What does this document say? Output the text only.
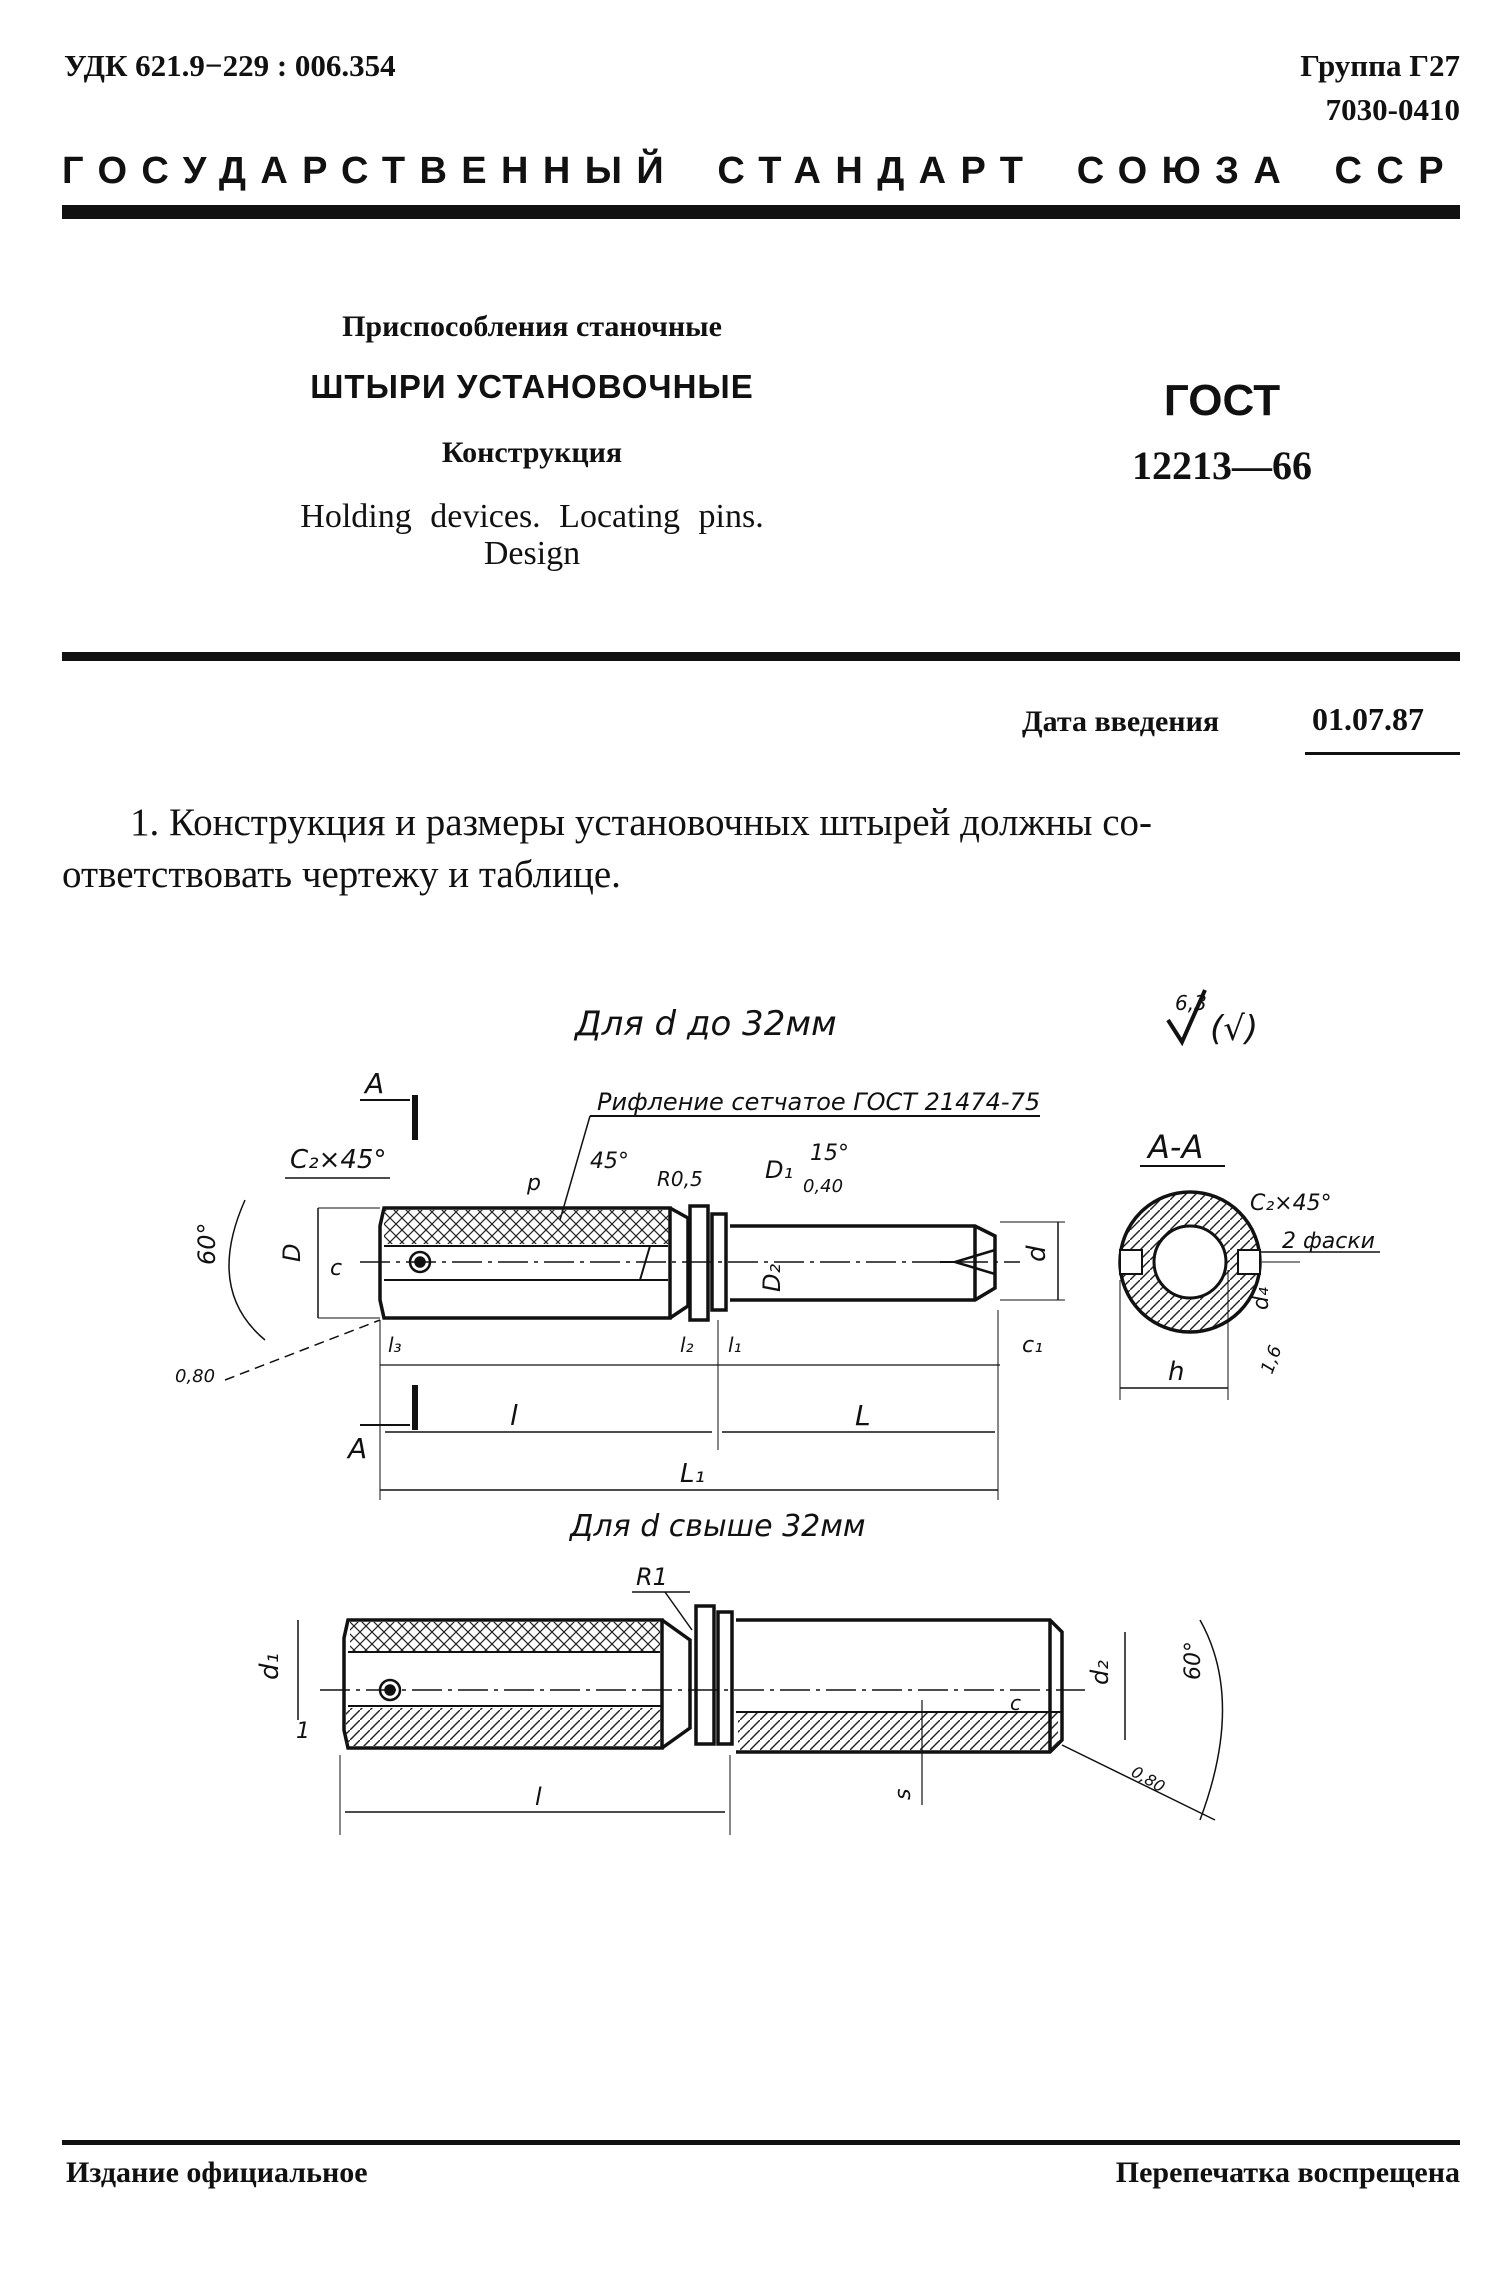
УДК 621.9−229 : 006.354	Группа Г27
7030-0410
ГОСУДАРСТВЕННЫЙ СТАНДАРТ СОЮЗА ССР
Приспособления станочные
ШТЫРИ УСТАНОВОЧНЫЕ
Конструкция
Holding devices. Locating pins.
Design
ГОСТ
12213—66
Дата введения	01.07.87
1. Конструкция и размеры установочных штырей должны со-
ответствовать чертежу и таблице.
Для d до 32мм
Рифление сетчатое ГОСТ 21474-75
6,3
(√)
A
A
C₂×45°
p
45°
R0,5	D₁
15°
0,40
60° D
c	D₂
d
0,80
l₃	l₂ l₁	c₁
l	L
L₁
А-А
C₂×45°
2 фаски
d₄
1,6
h
Для d свыше 32мм
R1
d₁
1
d₂	60°
c
0,80
s
l
Издание официальное	Перепечатка воспрещена
